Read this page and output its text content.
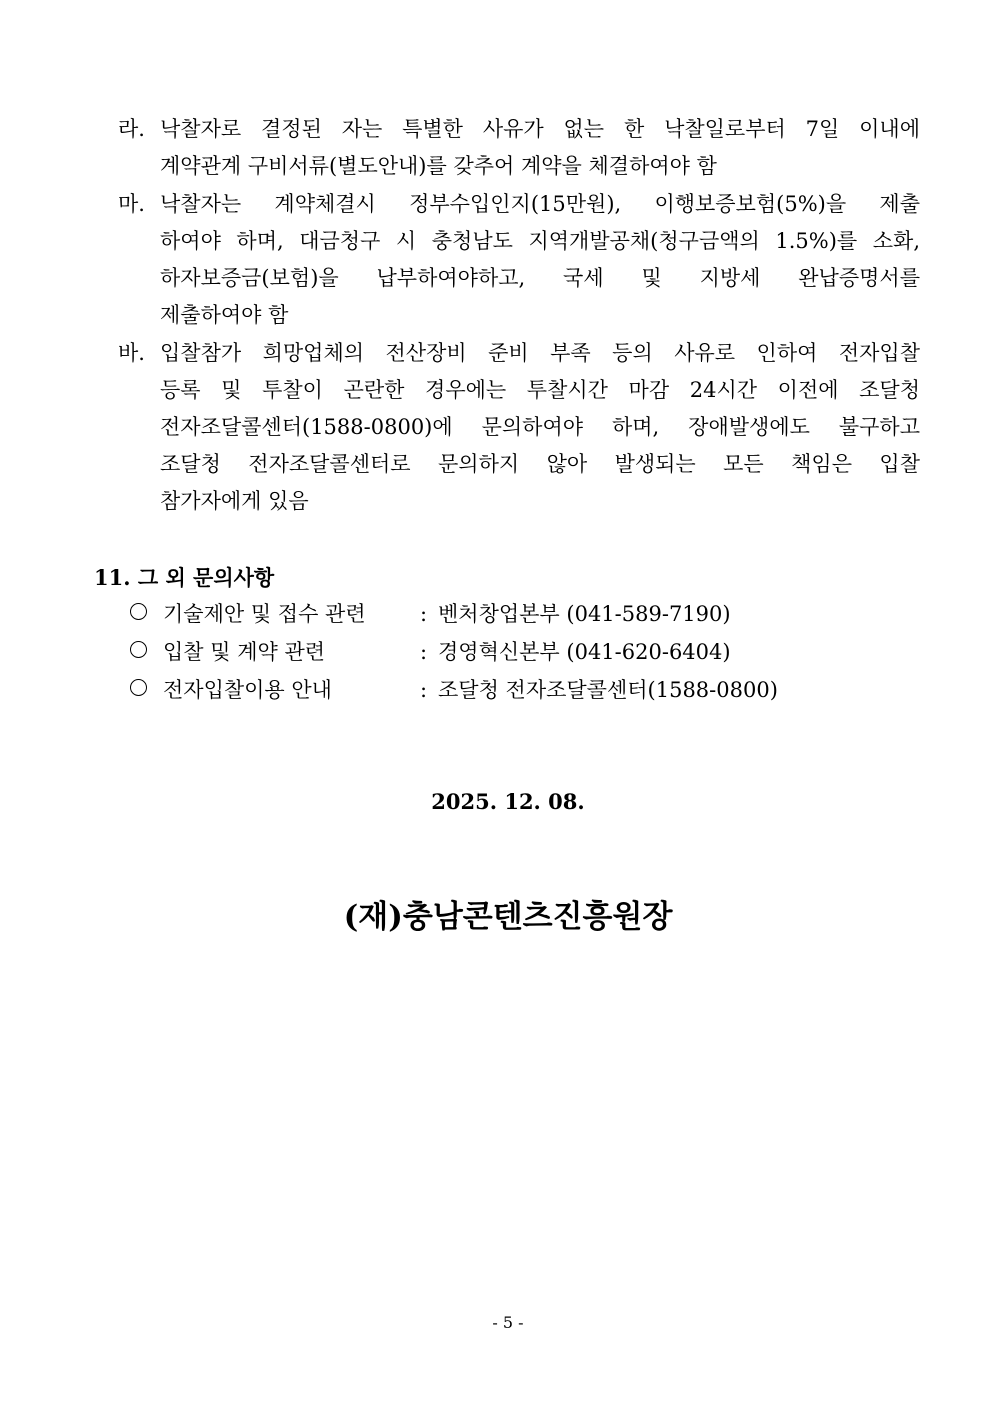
라. 낙찰자로 결정된 자는 특별한 사유가 없는 한 낙찰일로부터 7일 이내에
계약관계 구비서류(별도안내)를 갖추어 계약을 체결하여야 함
마. 낙찰자는 계약체결시 정부수입인지(15만원), 이행보증보험(5%)을 제출
하여야 하며, 대금청구 시 충청남도 지역개발공채(청구금액의 1.5%)를 소화,
하자보증금(보험)을 납부하여야하고, 국세 및 지방세 완납증명서를
제출하여야 함
바. 입찰참가 희망업체의 전산장비 준비 부족 등의 사유로 인하여 전자입찰
등록 및 투찰이 곤란한 경우에는 투찰시간 마감 24시간 이전에 조달청
전자조달콜센터(1588-0800)에 문의하여야 하며, 장애발생에도 불구하고
조달청 전자조달콜센터로 문의하지 않아 발생되는 모든 책임은 입찰
참가자에게 있음
11. 그 외 문의사항
기술제안 및 접수 관련	: 벤처창업본부 (041-589-7190)
입찰 및 계약 관련	: 경영혁신본부 (041-620-6404)
전자입찰이용 안내	: 조달청 전자조달콜센터(1588-0800)
2025. 12. 08.
(재)충남콘텐츠진흥원장
- 5 -
